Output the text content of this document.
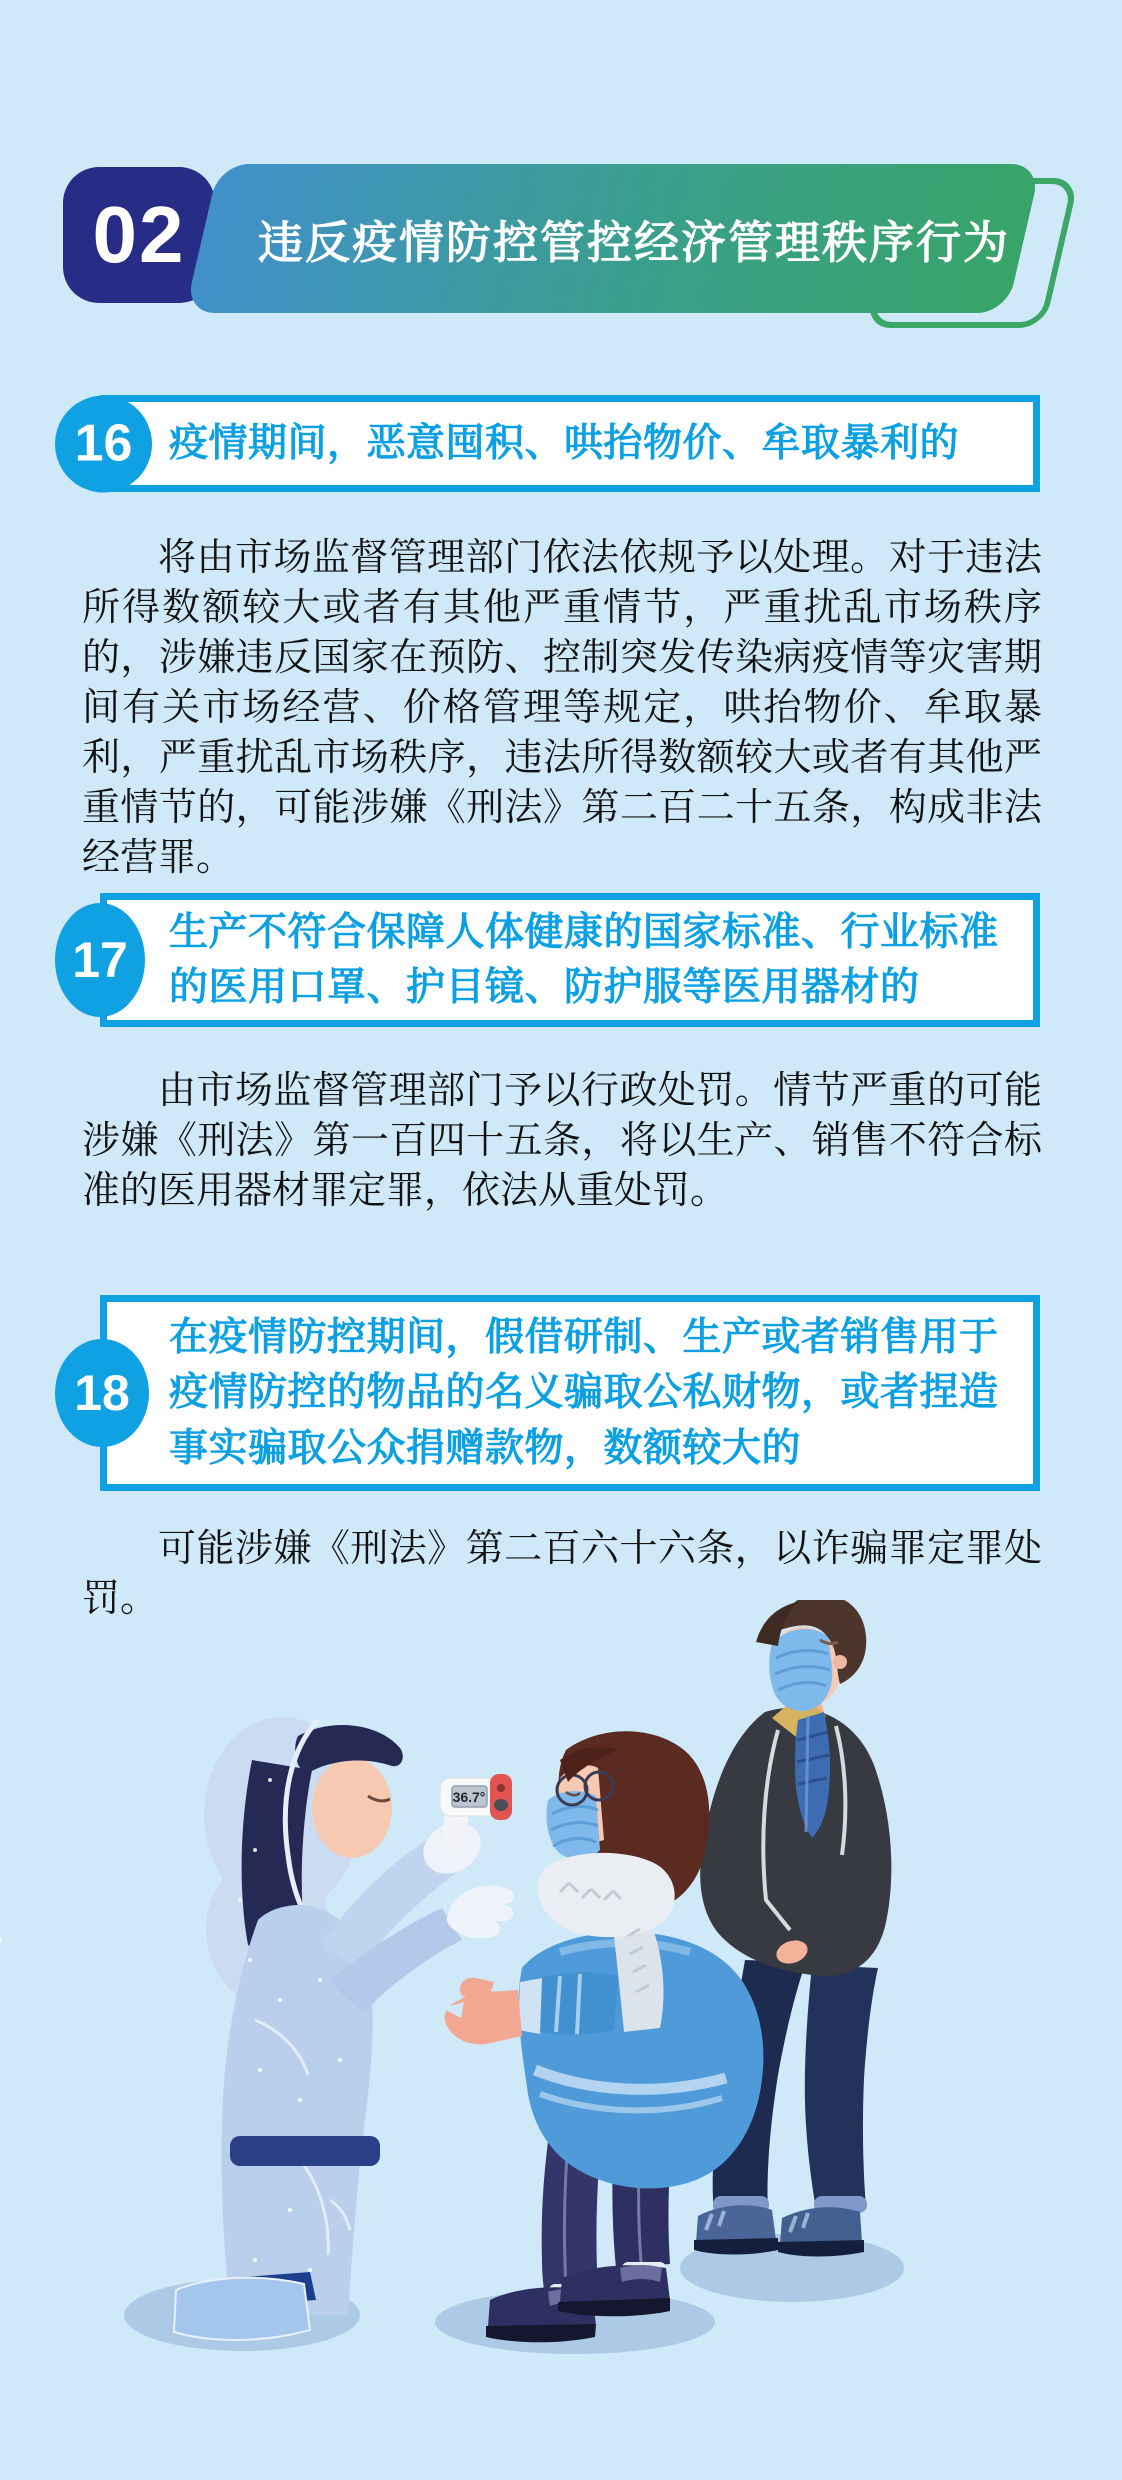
02 违反疫情防控管控经济管理秩序行为
16 疫情期间，恶意囤积、哄抬物价、牟取暴利的

将由市场监督管理部门依法依规予以处理。对于违法所得数额较大或者有其他严重情节，严重扰乱市场秩序的，涉嫌违反国家在预防、控制突发传染病疫情等灾害期间有关市场经营、价格管理等规定，哄抬物价、牟取暴利，严重扰乱市场秩序，违法所得数额较大或者有其他严重情节的，可能涉嫌《刑法》第二百二十五条，构成非法经营罪。

17	生产不符合保障人体健康的国家标准、行业标准的医用口罩、护目镜、防护服等医用器材的

由市场监督管理部门予以行政处罚。情节严重的可能涉嫌《刑法》第一百四十五条，将以生产、销售不符合标准的医用器材罪定罪，依法从重处罚。

18
在疫情防控期间，假借研制、生产或者销售用于疫情防控的物品的名义骗取公私财物，或者捏造事实骗取公众捐赠款物，数额较大的

可能涉嫌《刑法》第二百六十六条，以诈骗罪定罪处罚。

36.7°
